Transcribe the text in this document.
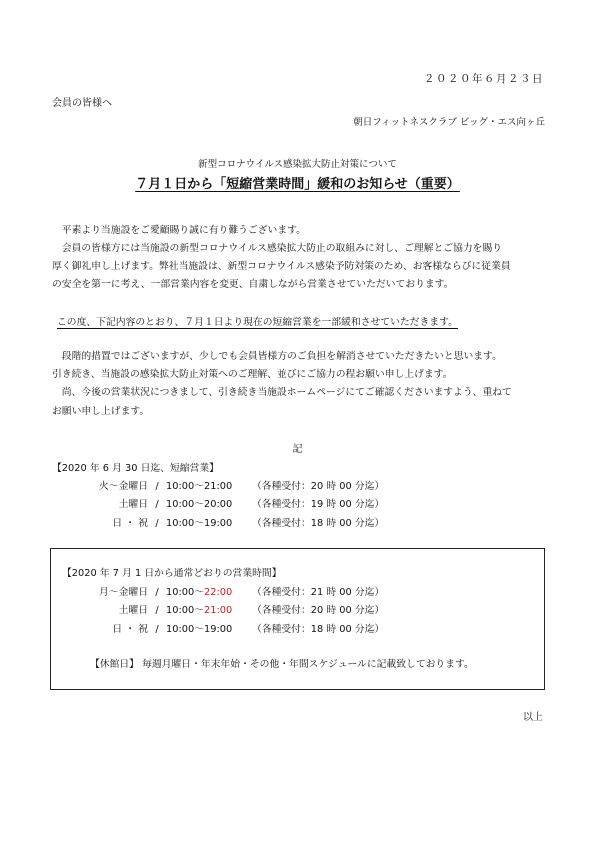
２０２０年６月２３日
会員の皆様へ
朝日フィットネスクラブ ビッグ・エス向ヶ丘
新型コロナウイルス感染拡大防止対策について
７月１日から「短縮営業時間」緩和のお知らせ（重要）
　平素より当施設をご愛顧賜り誠に有り難うございます。
　会員の皆様方には当施設の新型コロナウイルス感染拡大防止の取組みに対し、ご理解とご協力を賜り
厚く御礼申し上げます。弊社当施設は、新型コロナウイルス感染予防対策のため、お客様ならびに従業員
の安全を第一に考え、一部営業内容を変更、自粛しながら営業させていただいております。
この度、下記内容のとおり、７月１日より現在の短縮営業を一部緩和させていただきます。
　段階的措置ではございますが、少しでも会員皆様方のご負担を解消させていただきたいと思います。
引き続き、当施設の感染拡大防止対策へのご理解、並びにご協力の程お願い申し上げます。
　尚、今後の営業状況につきまして、引き続き当施設ホームページにてご確認くださいますよう、重ねて
お願い申し上げます。
記
【2020 年 6 月 30 日迄、短縮営業】
火～金曜日 / 10:00～21:00 （各種受付：20 時 00 分迄）
土曜日 / 10:00～20:00 （各種受付：19 時 00 分迄）
日 ・ 祝 / 10:00～19:00 （各種受付：18 時 00 分迄）
【2020 年 7 月 1 日から通常どおりの営業時間】
月～金曜日 / 10:00～22:00 （各種受付：21 時 00 分迄）
土曜日 / 10:00～21:00 （各種受付：20 時 00 分迄）
日 ・ 祝 / 10:00～19:00 （各種受付：18 時 00 分迄）
【休館日】 毎週月曜日・年末年始・その他・年間スケジュールに記載致しております。
以上
